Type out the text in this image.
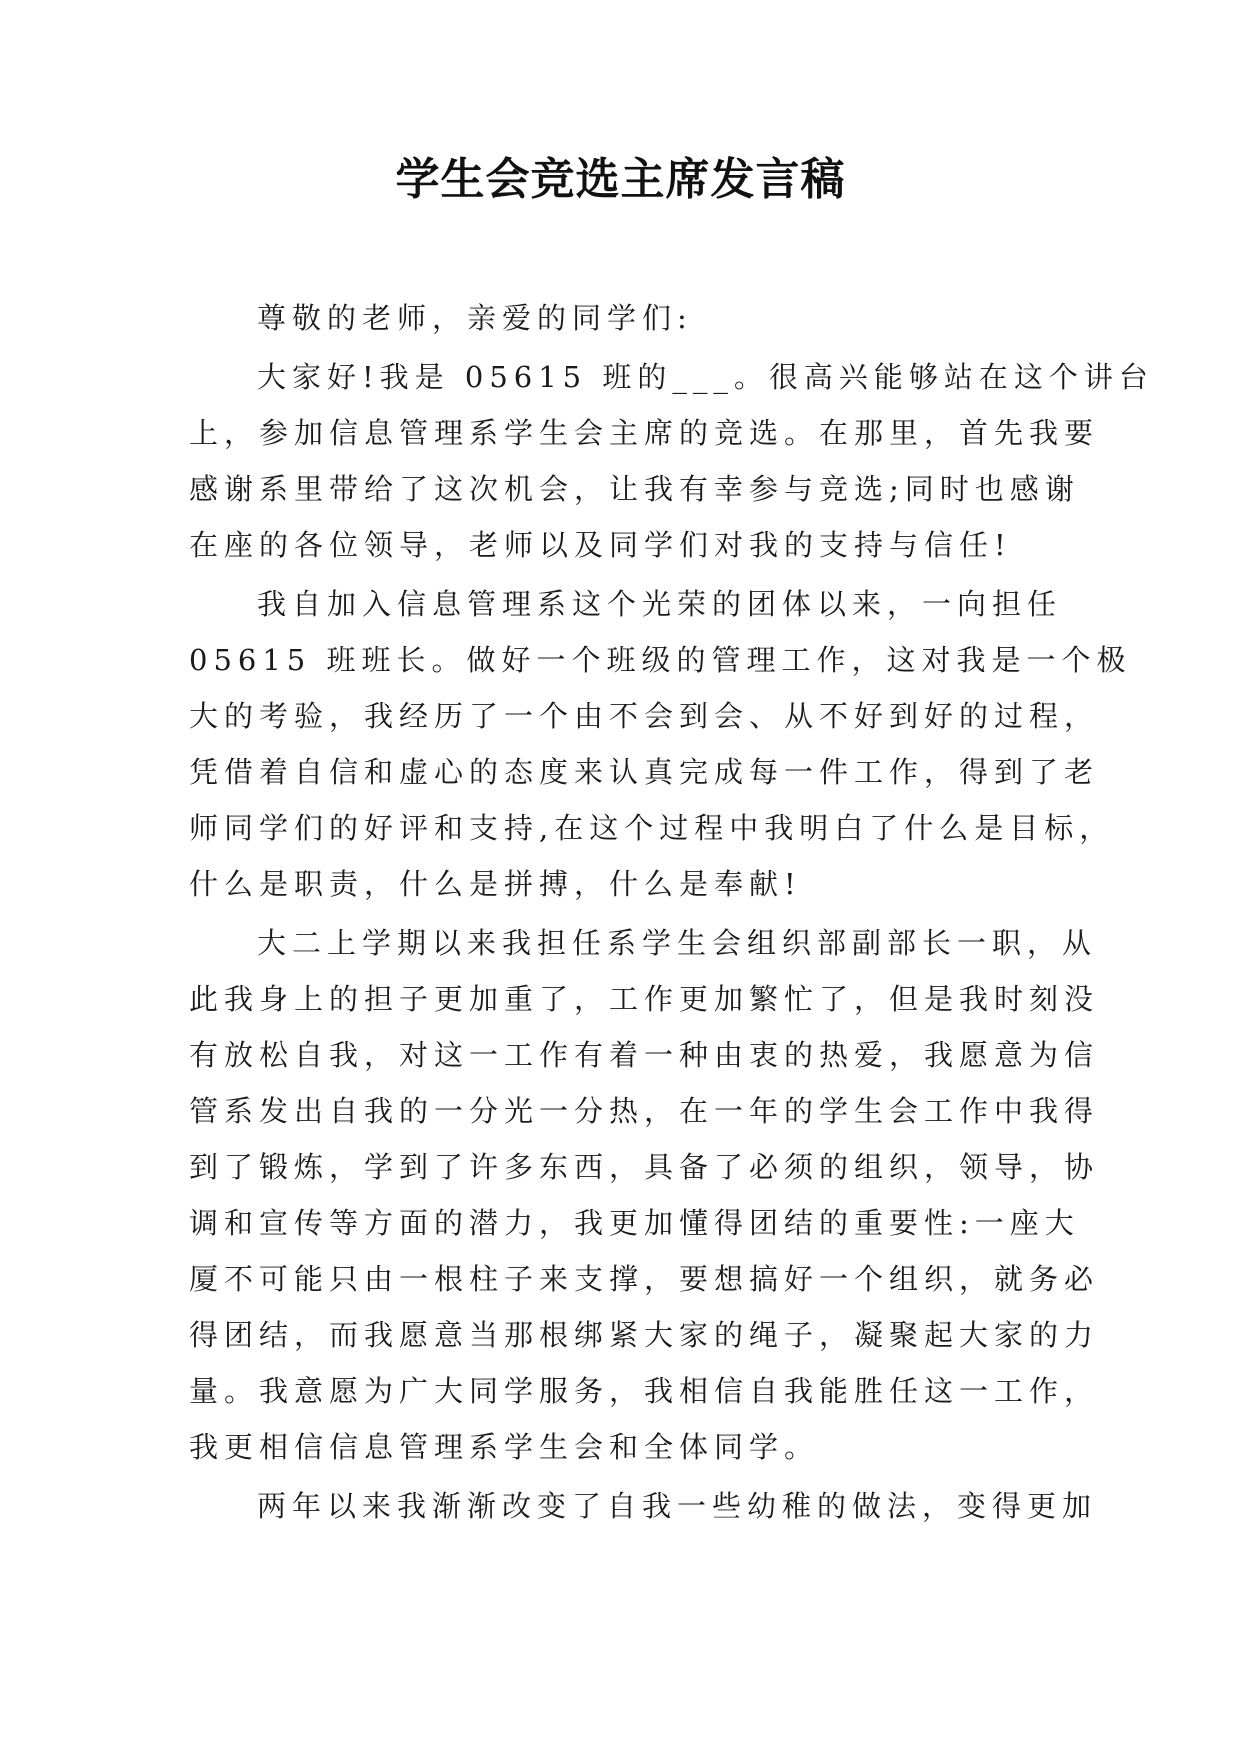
学生会竞选主席发言稿

尊敬的老师，亲爱的同学们:

大家好!我是 05615 班的___。很高兴能够站在这个讲台
上，参加信息管理系学生会主席的竞选。在那里，首先我要
感谢系里带给了这次机会，让我有幸参与竞选;同时也感谢
在座的各位领导，老师以及同学们对我的支持与信任!

我自加入信息管理系这个光荣的团体以来，一向担任
05615 班班长。做好一个班级的管理工作，这对我是一个极
大的考验，我经历了一个由不会到会、从不好到好的过程，
凭借着自信和虚心的态度来认真完成每一件工作，得到了老
师同学们的好评和支持,在这个过程中我明白了什么是目标，
什么是职责，什么是拼搏，什么是奉献!

大二上学期以来我担任系学生会组织部副部长一职，从
此我身上的担子更加重了，工作更加繁忙了，但是我时刻没
有放松自我，对这一工作有着一种由衷的热爱，我愿意为信
管系发出自我的一分光一分热，在一年的学生会工作中我得
到了锻炼，学到了许多东西，具备了必须的组织，领导，协
调和宣传等方面的潜力，我更加懂得团结的重要性:一座大
厦不可能只由一根柱子来支撑，要想搞好一个组织，就务必
得团结，而我愿意当那根绑紧大家的绳子，凝聚起大家的力
量。我意愿为广大同学服务，我相信自我能胜任这一工作，
我更相信信息管理系学生会和全体同学。

两年以来我渐渐改变了自我一些幼稚的做法，变得更加
